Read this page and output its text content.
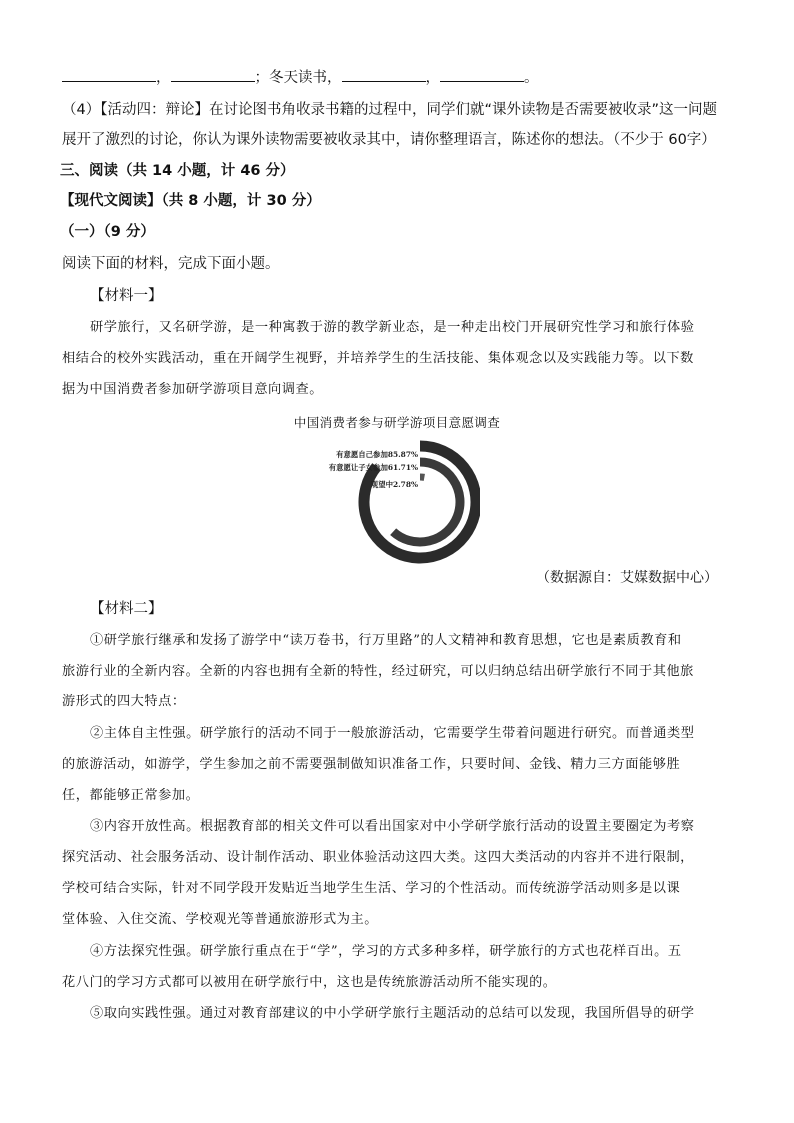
，	；冬天读书，	，	。
（4）【活动四：辩论】在讨论图书角收录书籍的过程中，同学们就“课外读物是否需要被收录”这一问题
展开了激烈的讨论，你认为课外读物需要被收录其中，请你整理语言，陈述你的想法。（不少于 60字）
三、阅读（共 14 小题，计 46 分）
【现代文阅读】（共 8 小题，计 30 分）
（一）（9 分）
阅读下面的材料，完成下面小题。
【材料一】
研学旅行，又名研学游，是一种寓教于游的教学新业态，是一种走出校门开展研究性学习和旅行体验
相结合的校外实践活动，重在开阔学生视野，并培养学生的生活技能、集体观念以及实践能力等。以下数
据为中国消费者参加研学游项目意向调查。
中国消费者参与研学游项目意愿调查
有意愿自己参加85.87%
有意愿让子女参加61.71%
观望中2.78%
（数据源自：艾媒数据中心）
【材料二】
①研学旅行继承和发扬了游学中“读万卷书，行万里路”的人文精神和教育思想，它也是素质教育和
旅游行业的全新内容。全新的内容也拥有全新的特性，经过研究，可以归纳总结出研学旅行不同于其他旅
游形式的四大特点：
②主体自主性强。研学旅行的活动不同于一般旅游活动，它需要学生带着问题进行研究。而普通类型
的旅游活动，如游学，学生参加之前不需要强制做知识准备工作，只要时间、金钱、精力三方面能够胜
任，都能够正常参加。
③内容开放性高。根据教育部的相关文件可以看出国家对中小学研学旅行活动的设置主要圈定为考察
探究活动、社会服务活动、设计制作活动、职业体验活动这四大类。这四大类活动的内容并不进行限制，
学校可结合实际，针对不同学段开发贴近当地学生生活、学习的个性活动。而传统游学活动则多是以课
堂体验、入住交流、学校观光等普通旅游形式为主。
④方法探究性强。研学旅行重点在于“学”，学习的方式多种多样，研学旅行的方式也花样百出。五
花八门的学习方式都可以被用在研学旅行中，这也是传统旅游活动所不能实现的。
⑤取向实践性强。通过对教育部建议的中小学研学旅行主题活动的总结可以发现，我国所倡导的研学
